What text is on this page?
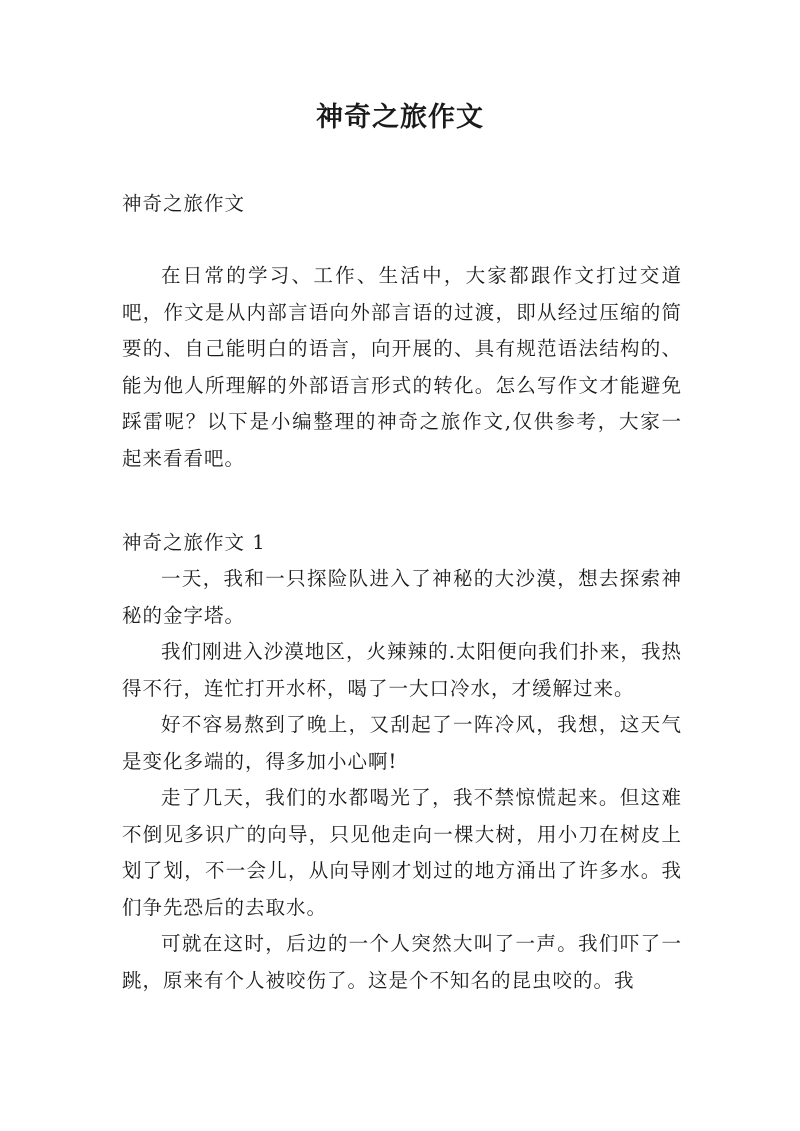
神奇之旅作文
神奇之旅作文

在日常的学习、工作、生活中，大家都跟作文打过交道吧，作文是从内部言语向外部言语的过渡，即从经过压缩的简要的、自己能明白的语言，向开展的、具有规范语法结构的、能为他人所理解的外部语言形式的转化。怎么写作文才能避免踩雷呢？以下是小编整理的神奇之旅作文,仅供参考，大家一起来看看吧。

神奇之旅作文 1

一天，我和一只探险队进入了神秘的大沙漠，想去探索神秘的金字塔。

我们刚进入沙漠地区，火辣辣的.太阳便向我们扑来，我热得不行，连忙打开水杯，喝了一大口冷水，才缓解过来。

好不容易熬到了晚上，又刮起了一阵冷风，我想，这天气是变化多端的，得多加小心啊!

走了几天，我们的水都喝光了，我不禁惊慌起来。但这难不倒见多识广的向导，只见他走向一棵大树，用小刀在树皮上划了划，不一会儿，从向导刚才划过的地方涌出了许多水。我们争先恐后的去取水。

可就在这时，后边的一个人突然大叫了一声。我们吓了一跳，原来有个人被咬伤了。这是个不知名的昆虫咬的。我
